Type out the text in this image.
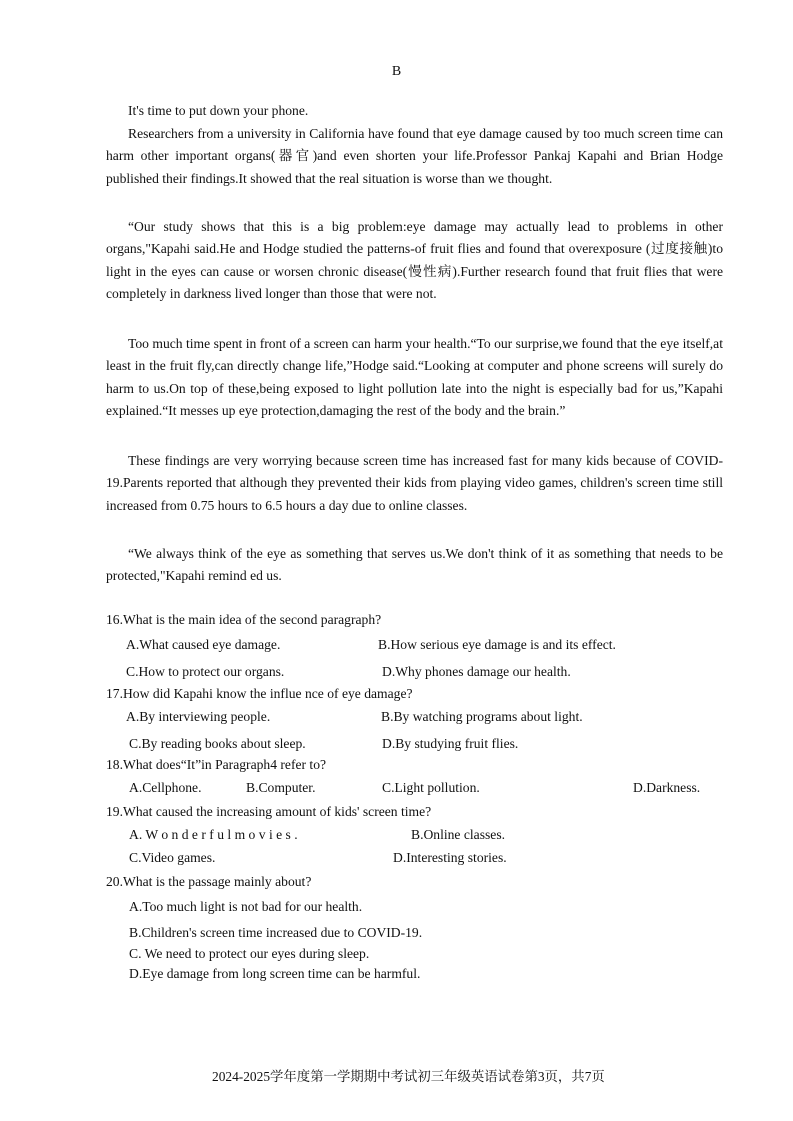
B
It's time to put down your phone.
Researchers from a university in California have found that eye damage caused by too much screen time can harm other important organs(器官)and even shorten your life.Professor Pankaj Kapahi and Brian Hodge published their findings.It showed that the real situation is worse than we thought.
“Our study shows that this is a big problem:eye damage may actually lead to problems in other organs,"Kapahi said.He and Hodge studied the patterns-of fruit flies and found that overexposure (过度接触)to light in the eyes can cause or worsen chronic disease(慢性病).Further research found that fruit flies that were completely in darkness lived longer than those that were not.
Too much time spent in front of a screen can harm your health.“To our surprise,we found that the eye itself,at least in the fruit fly,can directly change life,”Hodge said.“Looking at computer and phone screens will surely do harm to us.On top of these,being exposed to light pollution late into the night is especially bad for us,”Kapahi explained.“It messes up eye protection,damaging the rest of the body and the brain.”
These findings are very worrying because screen time has increased fast for many kids because of COVID-19.Parents reported that although they prevented their kids from playing video games, children's screen time still increased from 0.75 hours to 6.5 hours a day due to online classes.
“We always think of the eye as something that serves us.We don't think of it as something that needs to be protected,"Kapahi remind ed us.
16.What is the main idea of the second paragraph?
A.What caused eye damage.	B.How serious eye damage is and its effect.
C.How to protect our organs.	D.Why phones damage our health.
17.How did Kapahi know the influe nce of eye damage?
A.By interviewing people.	B.By watching programs about light.
C.By reading books about sleep.	D.By studying fruit flies.
18.What does“It”in Paragraph4 refer to?
A.Cellphone.	B.Computer.	C.Light pollution.	D.Darkness.
19.What caused the increasing amount of kids' screen time?
A. W o n d e r f u l m o v i e s .	B.Online classes.
C.Video games.	D.Interesting stories.
20.What is the passage mainly about?
A.Too much light is not bad for our health.
B.Children's screen time increased due to COVID-19.
C. We need to protect our eyes during sleep.
D.Eye damage from long screen time can be harmful.
2024-2025学年度第一学期期中考试初三年级英语试卷第3页，共7页
